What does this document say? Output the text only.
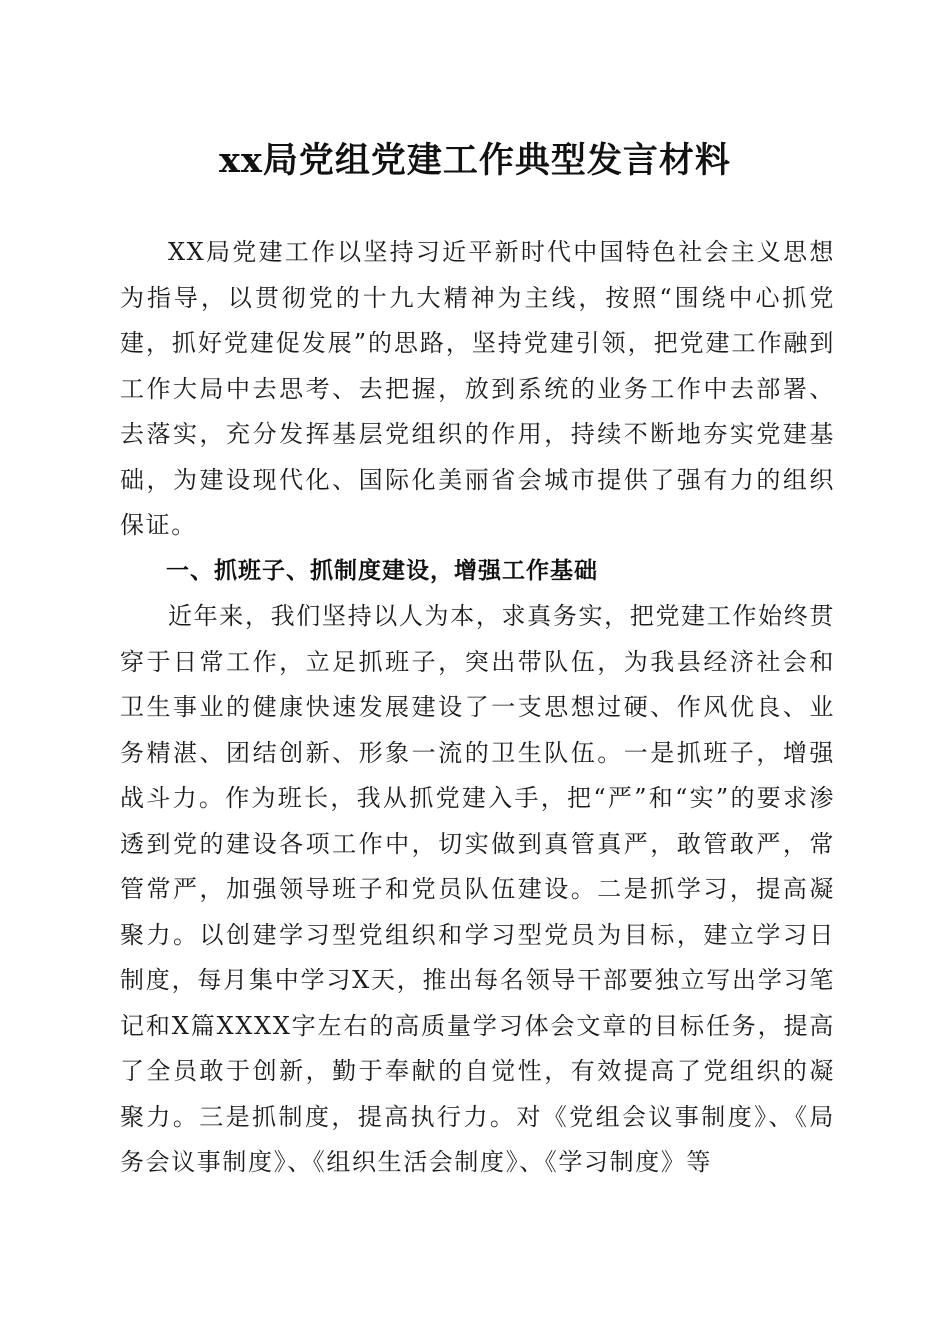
xx局党组党建工作典型发言材料

XX局党建工作以坚持习近平新时代中国特色社会主义思想为指导，以贯彻党的十九大精神为主线，按照“围绕中心抓党建，抓好党建促发展”的思路，坚持党建引领，把党建工作融到工作大局中去思考、去把握，放到系统的业务工作中去部署、去落实，充分发挥基层党组织的作用，持续不断地夯实党建基础，为建设现代化、国际化美丽省会城市提供了强有力的组织保证。

一、抓班子、抓制度建设，增强工作基础

近年来，我们坚持以人为本，求真务实，把党建工作始终贯穿于日常工作，立足抓班子，突出带队伍，为我县经济社会和卫生事业的健康快速发展建设了一支思想过硬、作风优良、业务精湛、团结创新、形象一流的卫生队伍。一是抓班子，增强战斗力。作为班长，我从抓党建入手，把“严”和“实”的要求渗透到党的建设各项工作中，切实做到真管真严，敢管敢严，常管常严，加强领导班子和党员队伍建设。二是抓学习，提高凝聚力。以创建学习型党组织和学习型党员为目标，建立学习日制度，每月集中学习X天，推出每名领导干部要独立写出学习笔记和X篇XXXX字左右的高质量学习体会文章的目标任务，提高了全员敢于创新，勤于奉献的自觉性，有效提高了党组织的凝聚力。三是抓制度，提高执行力。对《党组会议事制度》、《局务会议事制度》、《组织生活会制度》、《学习制度》等
